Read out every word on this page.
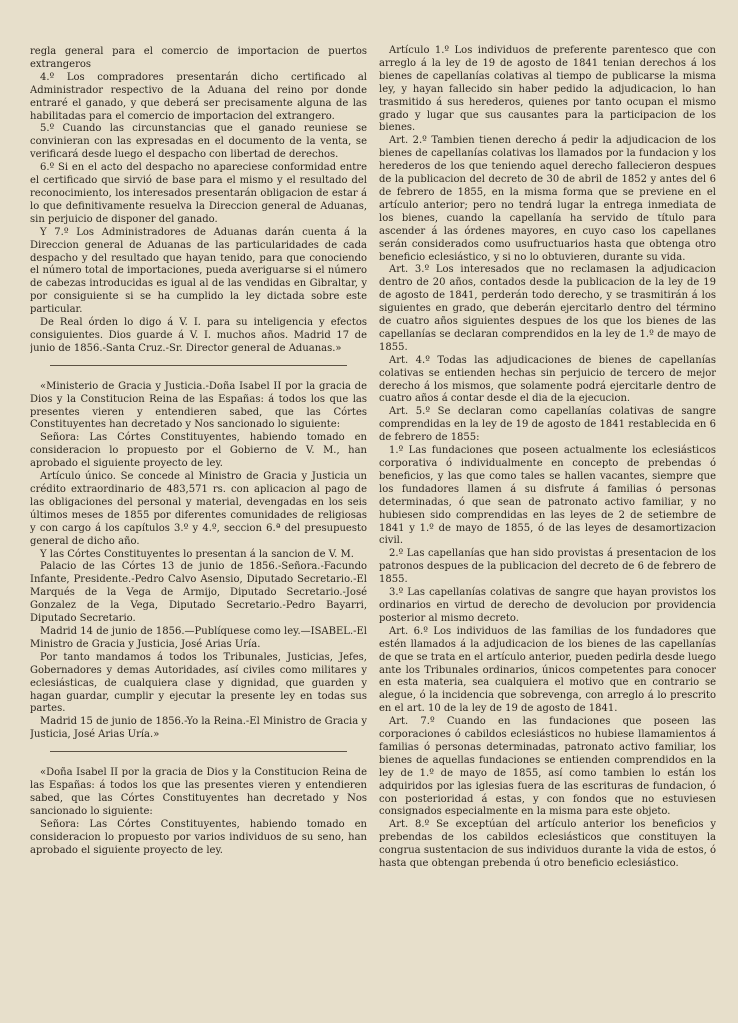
regla general para el comercio de importacion de puertos extrangeros

4.º Los compradores presentarán dicho certificado al Administrador respectivo de la Aduana del reino por donde entraré el ganado, y que deberá ser precisamente alguna de las habilitadas para el comercio de importacion del extrangero.

5.º Cuando las circunstancias que el ganado reuniese se convinieran con las expresadas en el documento de la venta, se verificará desde luego el despacho con libertad de derechos.

6.º Si en el acto del despacho no apareciese conformidad entre el certificado que sirvió de base para el mismo y el resultado del reconocimiento, los interesados presentarán obligacion de estar á lo que definitivamente resuelva la Direccion general de Aduanas, sin perjuicio de disponer del ganado.

Y 7.º Los Administradores de Aduanas darán cuenta á la Direccion general de Aduanas de las particularidades de cada despacho y del resultado que hayan tenido, para que conociendo el número total de importaciones, pueda averiguarse si el número de cabezas introducidas es igual al de las vendidas en Gibraltar, y por consiguiente si se ha cumplido la ley dictada sobre este particular.

De Real órden lo digo á V. I. para su inteligencia y efectos consiguientes. Dios guarde á V. I. muchos años. Madrid 17 de junio de 1856.-Santa Cruz.-Sr. Director general de Aduanas.»

«Ministerio de Gracia y Justicia.-Doña Isabel II por la gracia de Dios y la Constitucion Reina de las Españas: á todos los que las presentes vieren y entendieren sabed, que las Córtes Constituyentes han decretado y Nos sancionado lo siguiente:

Señora: Las Córtes Constituyentes, habiendo tomado en consideracion lo propuesto por el Gobierno de V. M., han aprobado el siguiente proyecto de ley.

Artículo único. Se concede al Ministro de Gracia y Justicia un crédito extraordinario de 483,571 rs. con aplicacion al pago de las obligaciones del personal y material, devengadas en los seis últimos meses de 1855 por diferentes comunidades de religiosas y con cargo á los capítulos 3.º y 4.º, seccion 6.ª del presupuesto general de dicho año.

Y las Córtes Constituyentes lo presentan á la sancion de V. M.

Palacio de las Córtes 13 de junio de 1856.-Señora.-Facundo Infante, Presidente.-Pedro Calvo Asensio, Diputado Secretario.-El Marqués de la Vega de Armijo, Diputado Secretario.-José Gonzalez de la Vega, Diputado Secretario.-Pedro Bayarri, Diputado Secretario.

Madrid 14 de junio de 1856.—Publíquese como ley.—ISABEL.-El Ministro de Gracia y Justicia, José Arias Uría.

Por tanto mandamos á todos los Tribunales, Justicias, Jefes, Gobernadores y demas Autoridades, así civiles como militares y eclesiásticas, de cualquiera clase y dignidad, que guarden y hagan guardar, cumplir y ejecutar la presente ley en todas sus partes.

Madrid 15 de junio de 1856.-Yo la Reina.-El Ministro de Gracia y Justicia, José Arias Uría.»

«Doña Isabel II por la gracia de Dios y la Constitucion Reina de las Españas: á todos los que las presentes vieren y entendieren sabed, que las Córtes Constituyentes han decretado y Nos sancionado lo siguiente:

Señora: Las Córtes Constituyentes, habiendo tomado en consideracion lo propuesto por varios individuos de su seno, han aprobado el siguiente proyecto de ley.

Artículo 1.º Los individuos de preferente parentesco que con arreglo á la ley de 19 de agosto de 1841 tenian derechos á los bienes de capellanías colativas al tiempo de publicarse la misma ley, y hayan fallecido sin haber pedido la adjudicacion, lo han trasmitido á sus herederos, quienes por tanto ocupan el mismo grado y lugar que sus causantes para la participacion de los bienes.

Art. 2.º Tambien tienen derecho á pedir la adjudicacion de los bienes de capellanías colativas los llamados por la fundacion y los herederos de los que teniendo aquel derecho fallecieron despues de la publicacion del decreto de 30 de abril de 1852 y antes del 6 de febrero de 1855, en la misma forma que se previene en el artículo anterior; pero no tendrá lugar la entrega inmediata de los bienes, cuando la capellanía ha servido de título para ascender á las órdenes mayores, en cuyo caso los capellanes serán considerados como usufructuarios hasta que obtenga otro beneficio eclesiástico, y si no lo obtuvieren, durante su vida.

Art. 3.º Los interesados que no reclamasen la adjudicacion dentro de 20 años, contados desde la publicacion de la ley de 19 de agosto de 1841, perderán todo derecho, y se trasmitirán á los siguientes en grado, que deberán ejercitarlo dentro del término de cuatro años siguientes despues de los que los bienes de las capellanías se declaran comprendidos en la ley de 1.º de mayo de 1855.

Art. 4.º Todas las adjudicaciones de bienes de capellanías colativas se entienden hechas sin perjuicio de tercero de mejor derecho á los mismos, que solamente podrá ejercitarle dentro de cuatro años á contar desde el dia de la ejecucion.

Art. 5.º Se declaran como capellanías colativas de sangre comprendidas en la ley de 19 de agosto de 1841 restablecida en 6 de febrero de 1855:

1.º Las fundaciones que poseen actualmente los eclesiásticos corporativa ó individualmente en concepto de prebendas ó beneficios, y las que como tales se hallen vacantes, siempre que los fundadores llamen á su disfrute á familias ó personas determinadas, ó que sean de patronato activo familiar, y no hubiesen sido comprendidas en las leyes de 2 de setiembre de 1841 y 1.º de mayo de 1855, ó de las leyes de desamortizacion civil.

2.º Las capellanías que han sido provistas á presentacion de los patronos despues de la publicacion del decreto de 6 de febrero de 1855.

3.º Las capellanías colativas de sangre que hayan provistos los ordinarios en virtud de derecho de devolucion por providencia posterior al mismo decreto.

Art. 6.º Los individuos de las familias de los fundadores que estén llamados á la adjudicacion de los bienes de las capellanías de que se trata en el artículo anterior, pueden pedirla desde luego ante los Tribunales ordinarios, únicos competentes para conocer en esta materia, sea cualquiera el motivo que en contrario se alegue, ó la incidencia que sobrevenga, con arreglo á lo prescrito en el art. 10 de la ley de 19 de agosto de 1841.

Art. 7.º Cuando en las fundaciones que poseen las corporaciones ó cabildos eclesiásticos no hubiese llamamientos á familias ó personas determinadas, patronato activo familiar, los bienes de aquellas fundaciones se entienden comprendidos en la ley de 1.º de mayo de 1855, así como tambien lo están los adquiridos por las iglesias fuera de las escrituras de fundacion, ó con posterioridad á estas, y con fondos que no estuviesen consignados especialmente en la misma para este objeto.

Art. 8.º Se exceptúan del artículo anterior los beneficios y prebendas de los cabildos eclesiásticos que constituyen la congrua sustentacion de sus individuos durante la vida de estos, ó hasta que obtengan prebenda ú otro beneficio eclesiástico.
